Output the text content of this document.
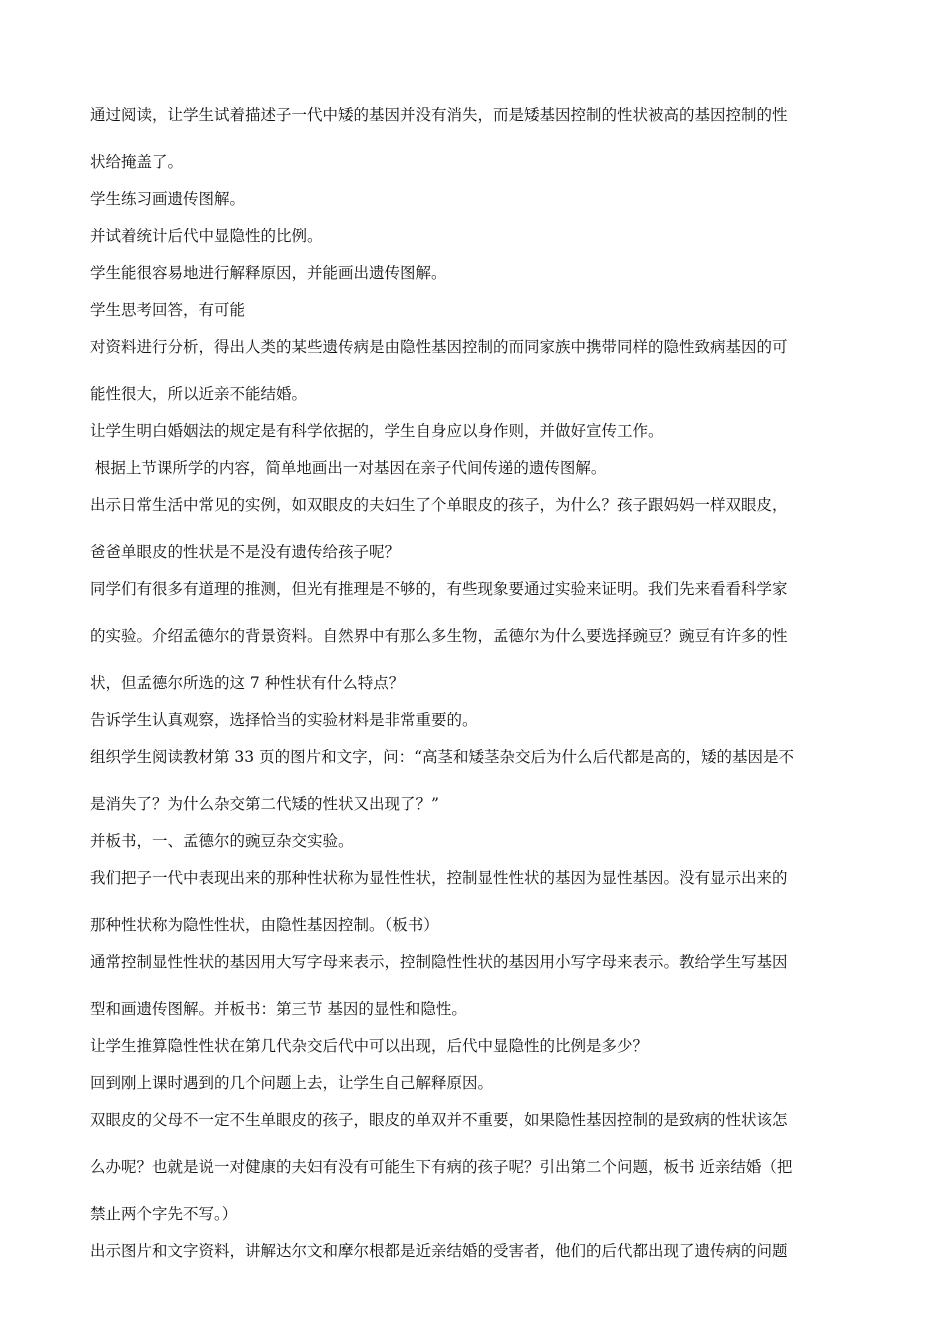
通过阅读，让学生试着描述子一代中矮的基因并没有消失，而是矮基因控制的性状被高的基因控制的性
状给掩盖了。

学生练习画遗传图解。

并试着统计后代中显隐性的比例。

学生能很容易地进行解释原因，并能画出遗传图解。

学生思考回答，有可能

对资料进行分析，得出人类的某些遗传病是由隐性基因控制的而同家族中携带同样的隐性致病基因的可
能性很大，所以近亲不能结婚。

让学生明白婚姻法的规定是有科学依据的，学生自身应以身作则，并做好宣传工作。

根据上节课所学的内容，简单地画出一对基因在亲子代间传递的遗传图解。

出示日常生活中常见的实例，如双眼皮的夫妇生了个单眼皮的孩子，为什么？孩子跟妈妈一样双眼皮，
爸爸单眼皮的性状是不是没有遗传给孩子呢？

同学们有很多有道理的推测，但光有推理是不够的，有些现象要通过实验来证明。我们先来看看科学家
的实验。介绍孟德尔的背景资料。自然界中有那么多生物，孟德尔为什么要选择豌豆？豌豆有许多的性
状，但孟德尔所选的这 7 种性状有什么特点？

告诉学生认真观察，选择恰当的实验材料是非常重要的。

组织学生阅读教材第 33 页的图片和文字，问：“高茎和矮茎杂交后为什么后代都是高的，矮的基因是不
是消失了？为什么杂交第二代矮的性状又出现了？”

并板书，一、孟德尔的豌豆杂交实验。

我们把子一代中表现出来的那种性状称为显性性状，控制显性性状的基因为显性基因。没有显示出来的
那种性状称为隐性性状，由隐性基因控制。（板书）

通常控制显性性状的基因用大写字母来表示，控制隐性性状的基因用小写字母来表示。教给学生写基因
型和画遗传图解。并板书：第三节 基因的显性和隐性。

让学生推算隐性性状在第几代杂交后代中可以出现，后代中显隐性的比例是多少？

回到刚上课时遇到的几个问题上去，让学生自己解释原因。

双眼皮的父母不一定不生单眼皮的孩子，眼皮的单双并不重要，如果隐性基因控制的是致病的性状该怎
么办呢？也就是说一对健康的夫妇有没有可能生下有病的孩子呢？引出第二个问题，板书 近亲结婚（把
禁止两个字先不写。）

出示图片和文字资料，讲解达尔文和摩尔根都是近亲结婚的受害者，他们的后代都出现了遗传病的问题
